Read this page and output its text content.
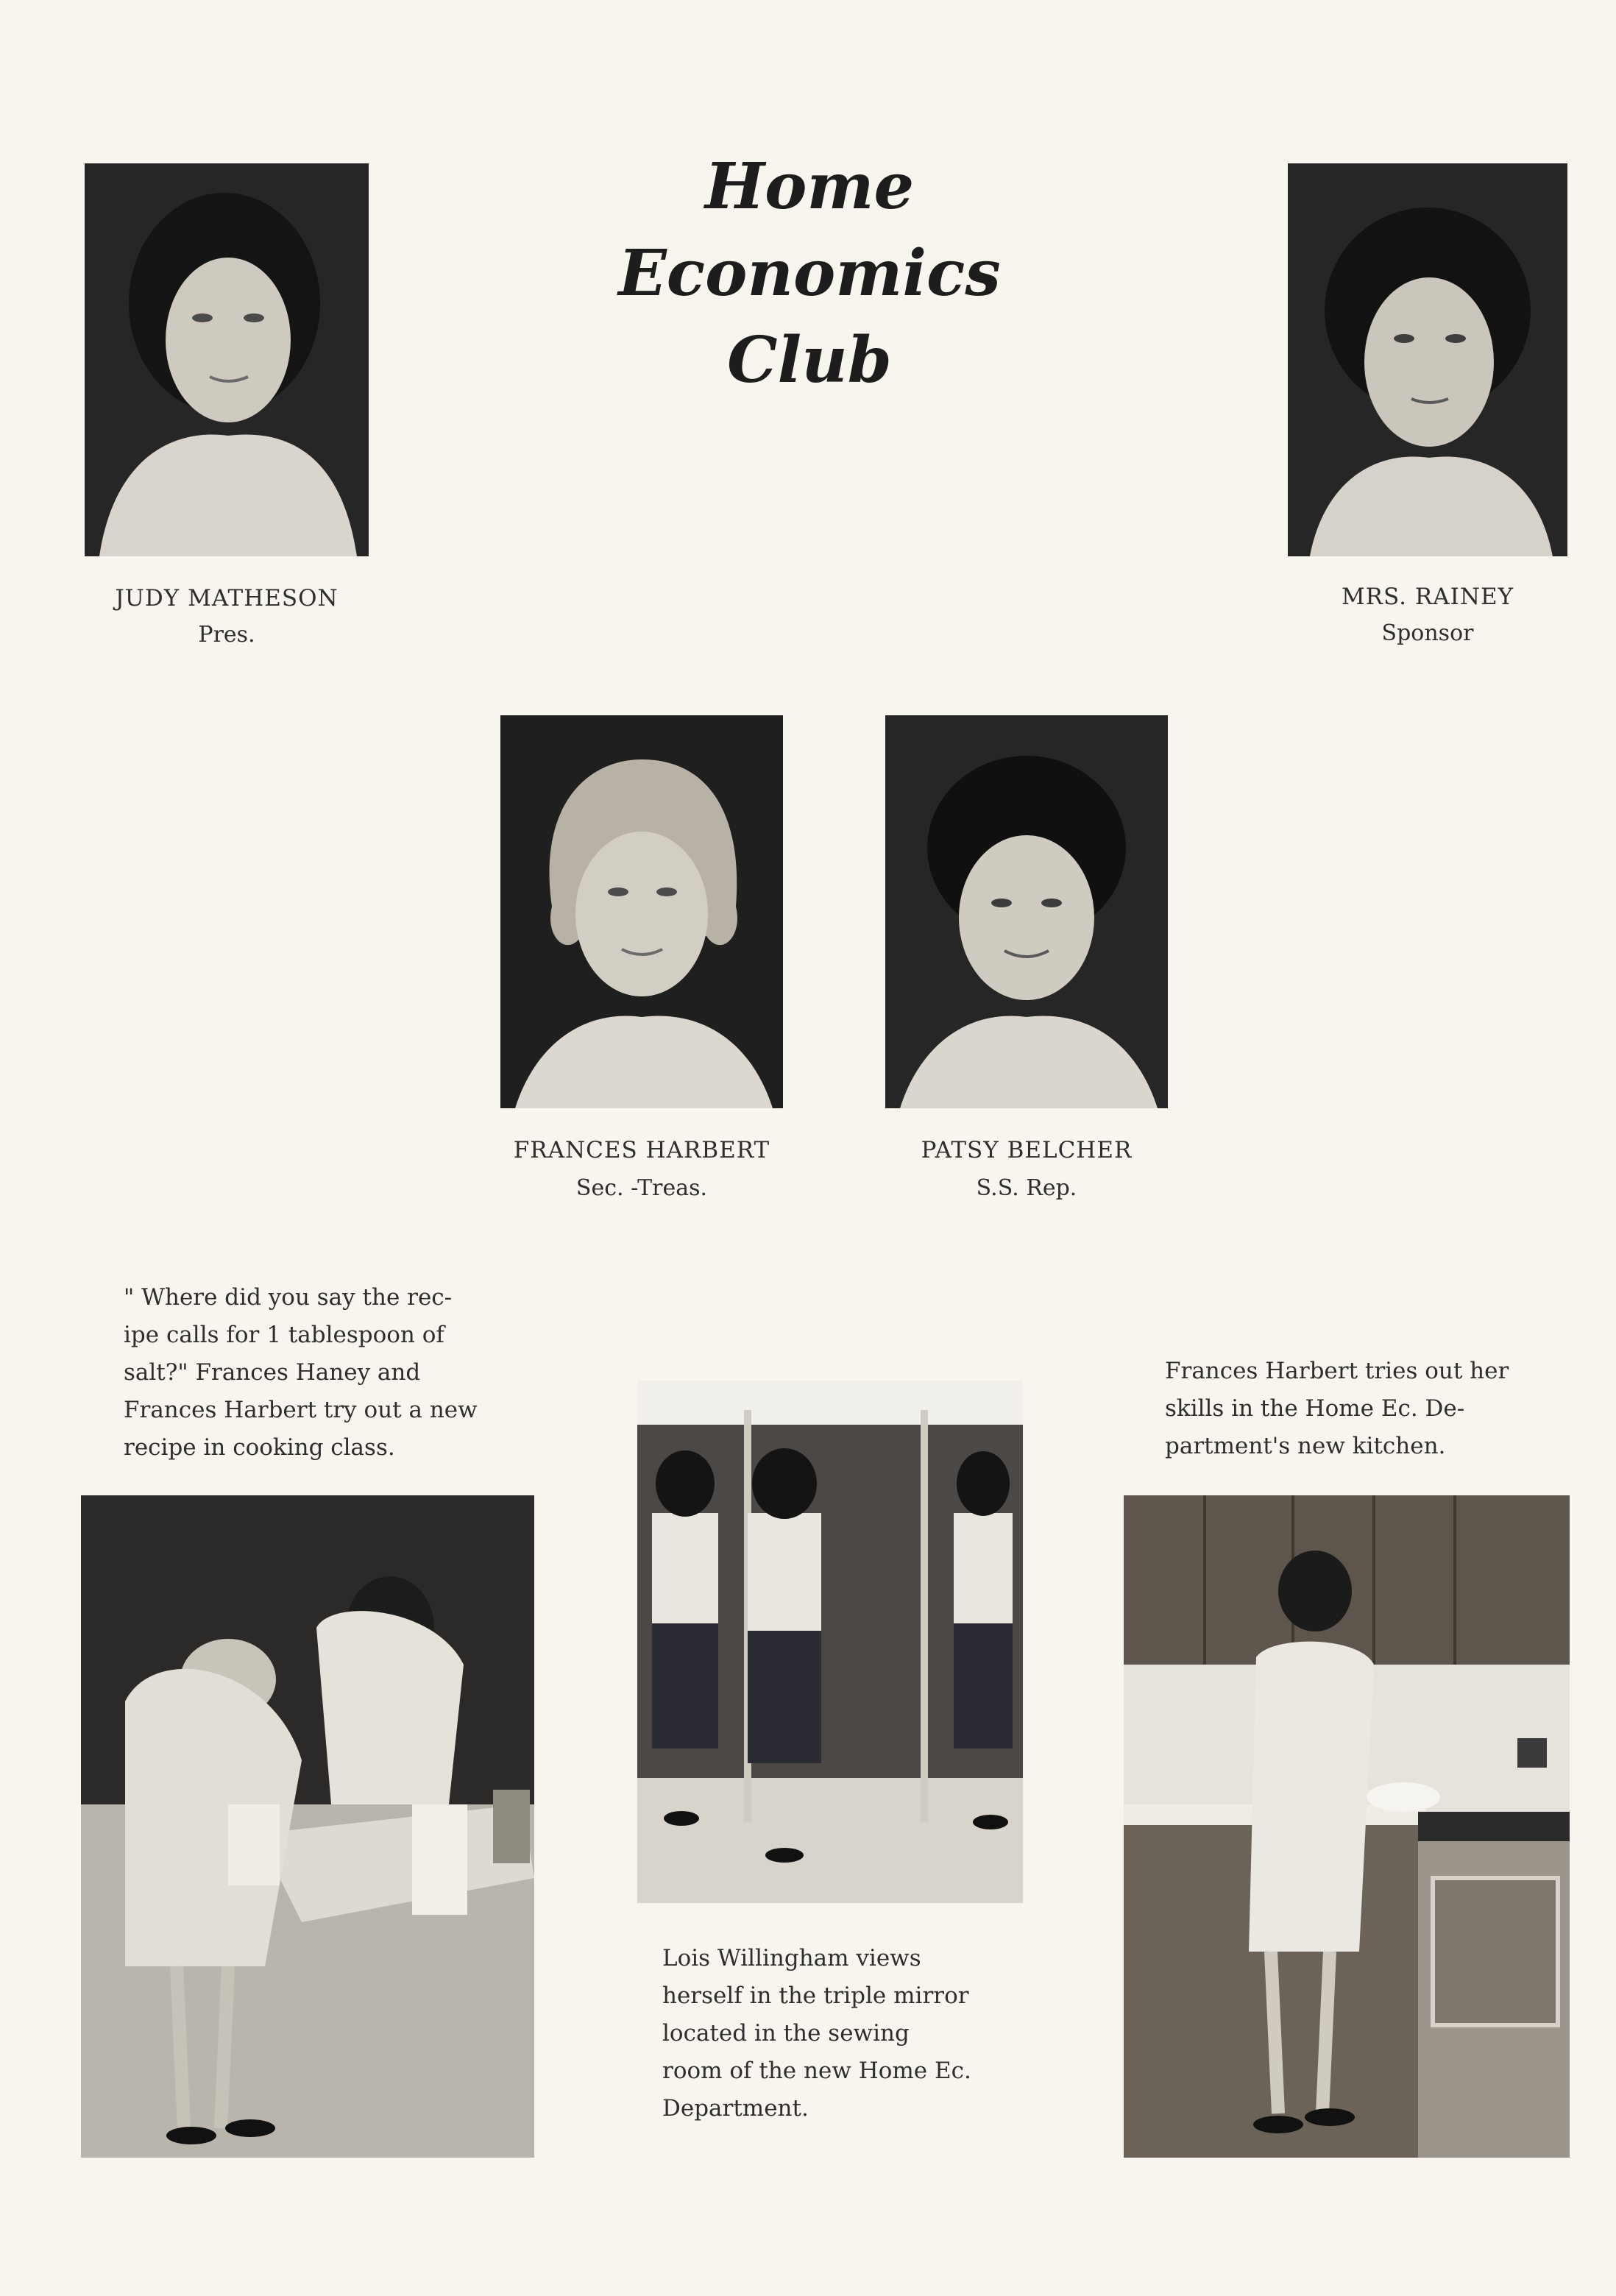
Home Economics
Club
JUDY MATHESON
Pres.
MRS. RAINEY
Sponsor
FRANCES HARBERT
Sec. -Treas.
PATSY BELCHER
S.S. Rep.
" Where did you say the rec-
ipe calls for 1 tablespoon of
salt?" Frances Haney and
Frances Harbert try out a new
recipe in cooking class.
Lois Willingham views
herself in the triple mirror
located in the sewing
room of the new Home Ec.
Department.
Frances Harbert tries out her
skills in the Home Ec. De-
partment's new kitchen.
